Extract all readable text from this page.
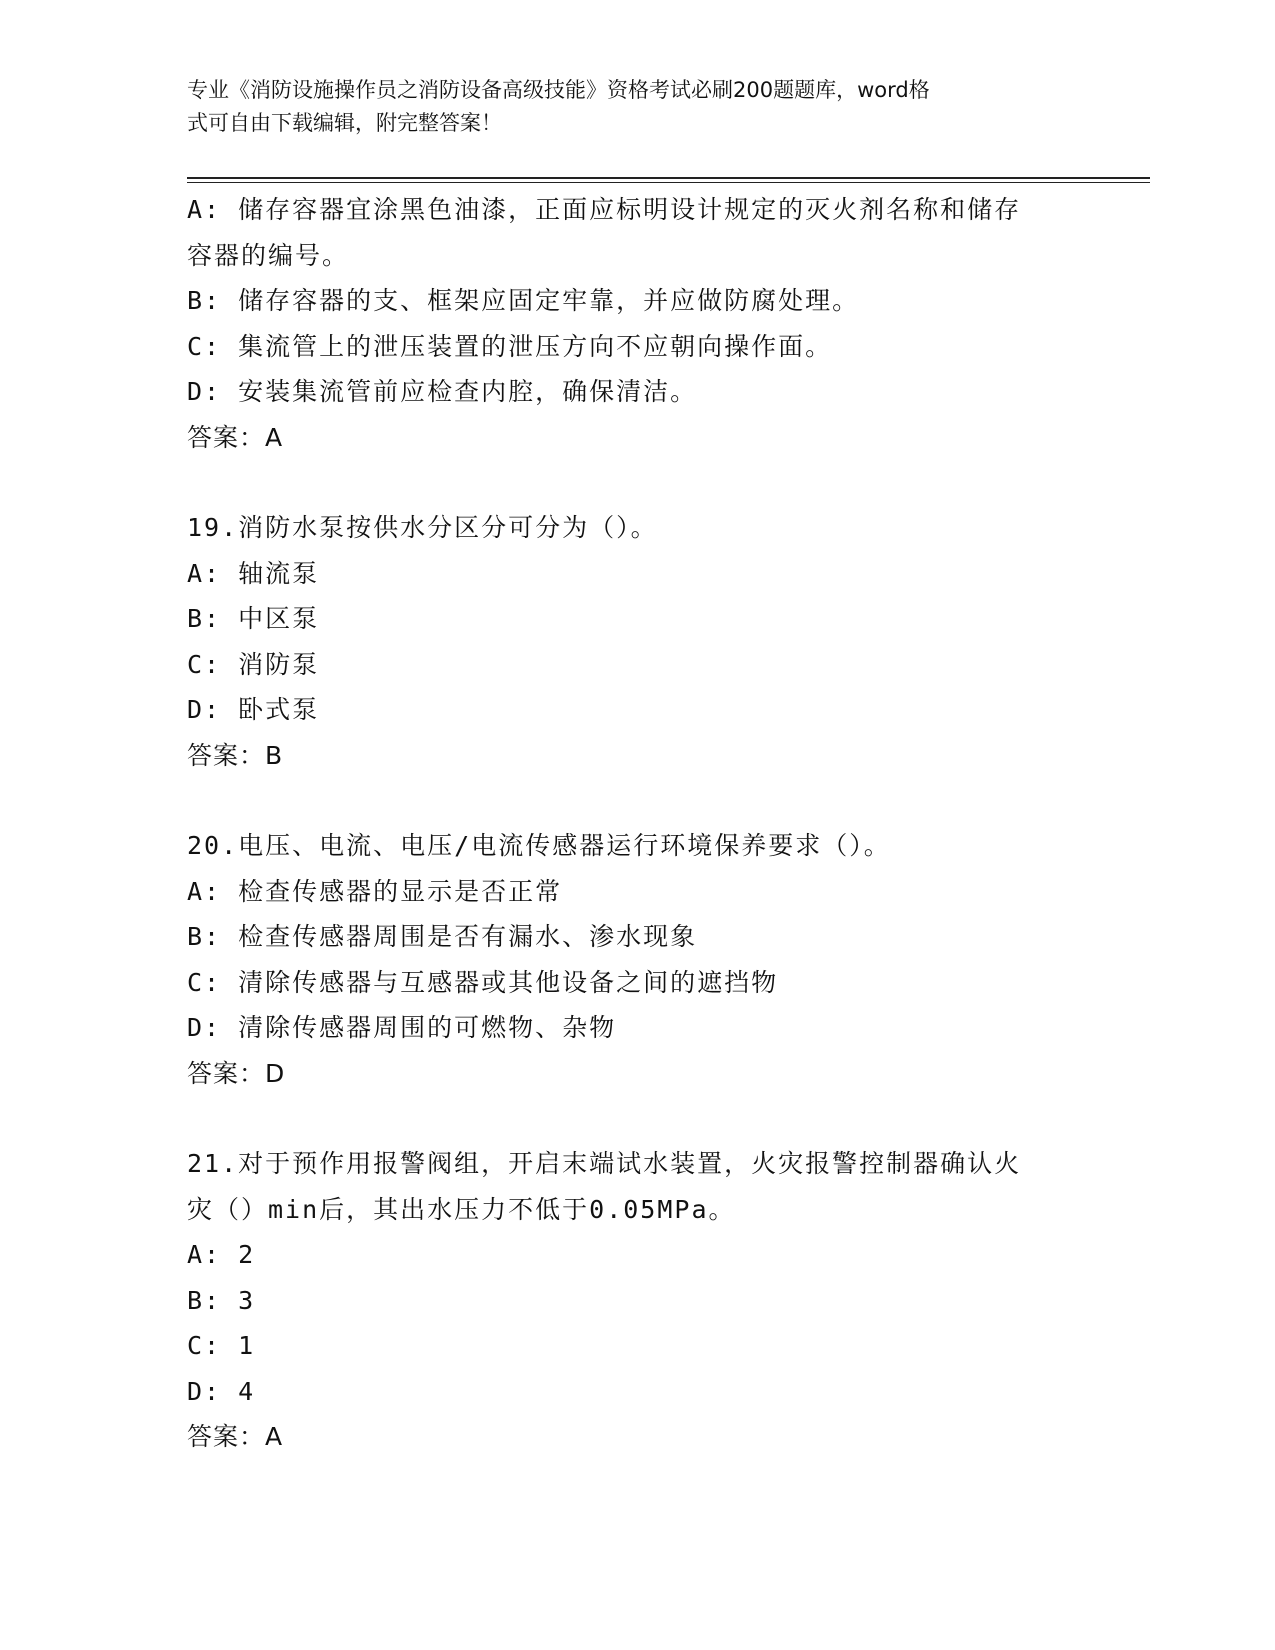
专业《消防设施操作员之消防设备高级技能》资格考试必刷200题题库，word格
式可自由下载编辑，附完整答案！

A: 储存容器宜涂黑色油漆，正面应标明设计规定的灭火剂名称和储存

容器的编号。

B: 储存容器的支、框架应固定牢靠，并应做防腐处理。

C: 集流管上的泄压装置的泄压方向不应朝向操作面。

D: 安装集流管前应检查内腔，确保清洁。

答案：A

19.消防水泵按供水分区分可分为（）。

A: 轴流泵

B: 中区泵

C: 消防泵

D: 卧式泵

答案：B

20.电压、电流、电压/电流传感器运行环境保养要求（）。

A: 检查传感器的显示是否正常

B: 检查传感器周围是否有漏水、渗水现象

C: 清除传感器与互感器或其他设备之间的遮挡物

D: 清除传感器周围的可燃物、杂物

答案：D

21.对于预作用报警阀组，开启末端试水装置，火灾报警控制器确认火

灾（）min后，其出水压力不低于0.05MPa。

A: 2

B: 3

C: 1

D: 4

答案：A
